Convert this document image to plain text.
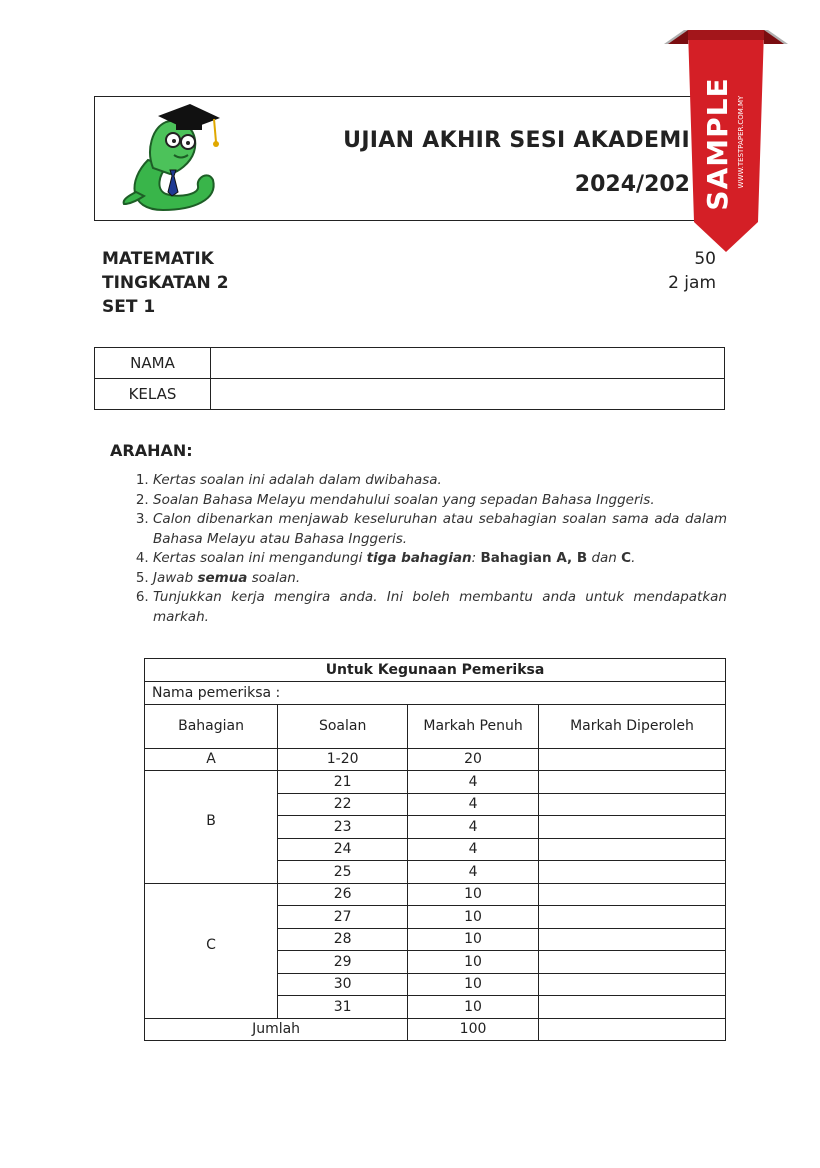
UJIAN AKHIR SESI AKADEMI
2024/202 SAMPLE WWW.TESTPAPER.COM.MY
MATEMATIK
TINGKATAN 2
SET 1
50
2 jam
NAMA	
KELAS	
ARAHAN:
1. Kertas soalan ini adalah dalam dwibahasa.
2. Soalan Bahasa Melayu mendahului soalan yang sepadan Bahasa Inggeris.
3. Calon dibenarkan menjawab keseluruhan atau sebahagian soalan sama ada dalam Bahasa Melayu atau Bahasa Inggeris.
4. Kertas soalan ini mengandungi tiga bahagian: Bahagian A, B dan C.
5. Jawab semua soalan.
6. Tunjukkan kerja mengira anda. Ini boleh membantu anda untuk mendapatkan markah.
Untuk Kegunaan Pemeriksa			
Nama pemeriksa :			
Bahagian	Soalan	Markah Penuh	Markah Diperoleh
A	1-20	20	
B	21	4	
	22	4	
	23	4	
	24	4	
	25	4	
C	26	10	
	27	10	
	28	10	
	29	10	
	30	10	
	31	10	
Jumlah		100	
